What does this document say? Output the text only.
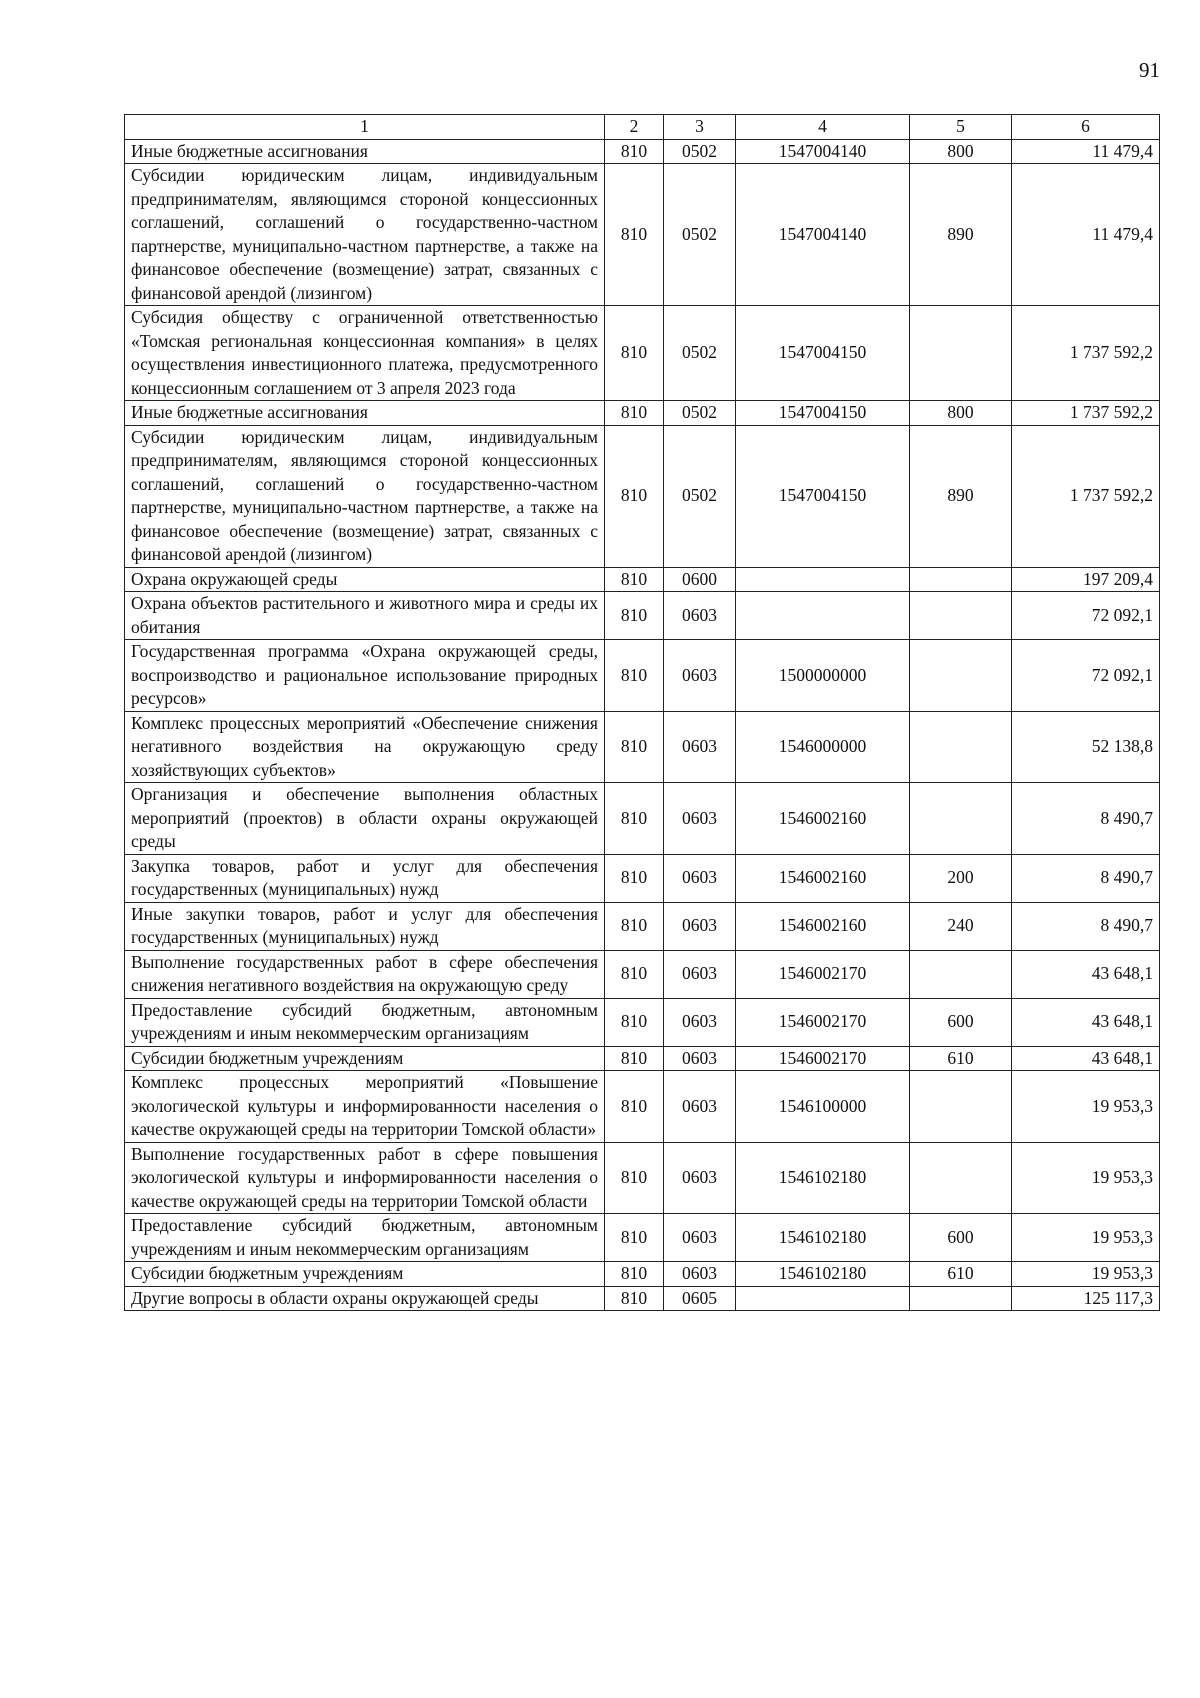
91
1	2	3	4	5	6
Иные бюджетные ассигнования	810	0502	1547004140	800	11 479,4
Субсидии юридическим лицам, индивидуальным предпринимателям, являющимся стороной концессионных соглашений, соглашений о государственно-частном партнерстве, муниципально-частном партнерстве, а также на финансовое обеспечение (возмещение) затрат, связанных с финансовой арендой (лизингом)	810	0502	1547004140	890	11 479,4
Субсидия обществу с ограниченной ответственностью «Томская региональная концессионная компания» в целях осуществления инвестиционного платежа, предусмотренного концессионным соглашением от 3 апреля 2023 года	810	0502	1547004150		1 737 592,2
Иные бюджетные ассигнования	810	0502	1547004150	800	1 737 592,2
Субсидии юридическим лицам, индивидуальным предпринимателям, являющимся стороной концессионных соглашений, соглашений о государственно-частном партнерстве, муниципально-частном партнерстве, а также на финансовое обеспечение (возмещение) затрат, связанных с финансовой арендой (лизингом)	810	0502	1547004150	890	1 737 592,2
Охрана окружающей среды	810	0600			197 209,4
Охрана объектов растительного и животного мира и среды их обитания	810	0603			72 092,1
Государственная программа «Охрана окружающей среды, воспроизводство и рациональное использование природных ресурсов»	810	0603	1500000000		72 092,1
Комплекс процессных мероприятий «Обеспечение снижения негативного воздействия на окружающую среду хозяйствующих субъектов»	810	0603	1546000000		52 138,8
Организация и обеспечение выполнения областных мероприятий (проектов) в области охраны окружающей среды	810	0603	1546002160		8 490,7
Закупка товаров, работ и услуг для обеспечения государственных (муниципальных) нужд	810	0603	1546002160	200	8 490,7
Иные закупки товаров, работ и услуг для обеспечения государственных (муниципальных) нужд	810	0603	1546002160	240	8 490,7
Выполнение государственных работ в сфере обеспечения снижения негативного воздействия на окружающую среду	810	0603	1546002170		43 648,1
Предоставление субсидий бюджетным, автономным учреждениям и иным некоммерческим организациям	810	0603	1546002170	600	43 648,1
Субсидии бюджетным учреждениям	810	0603	1546002170	610	43 648,1
Комплекс процессных мероприятий «Повышение экологической культуры и информированности населения о качестве окружающей среды на территории Томской области»	810	0603	1546100000		19 953,3
Выполнение государственных работ в сфере повышения экологической культуры и информированности населения о качестве окружающей среды на территории Томской области	810	0603	1546102180		19 953,3
Предоставление субсидий бюджетным, автономным учреждениям и иным некоммерческим организациям	810	0603	1546102180	600	19 953,3
Субсидии бюджетным учреждениям	810	0603	1546102180	610	19 953,3
Другие вопросы в области охраны окружающей среды	810	0605			125 117,3
